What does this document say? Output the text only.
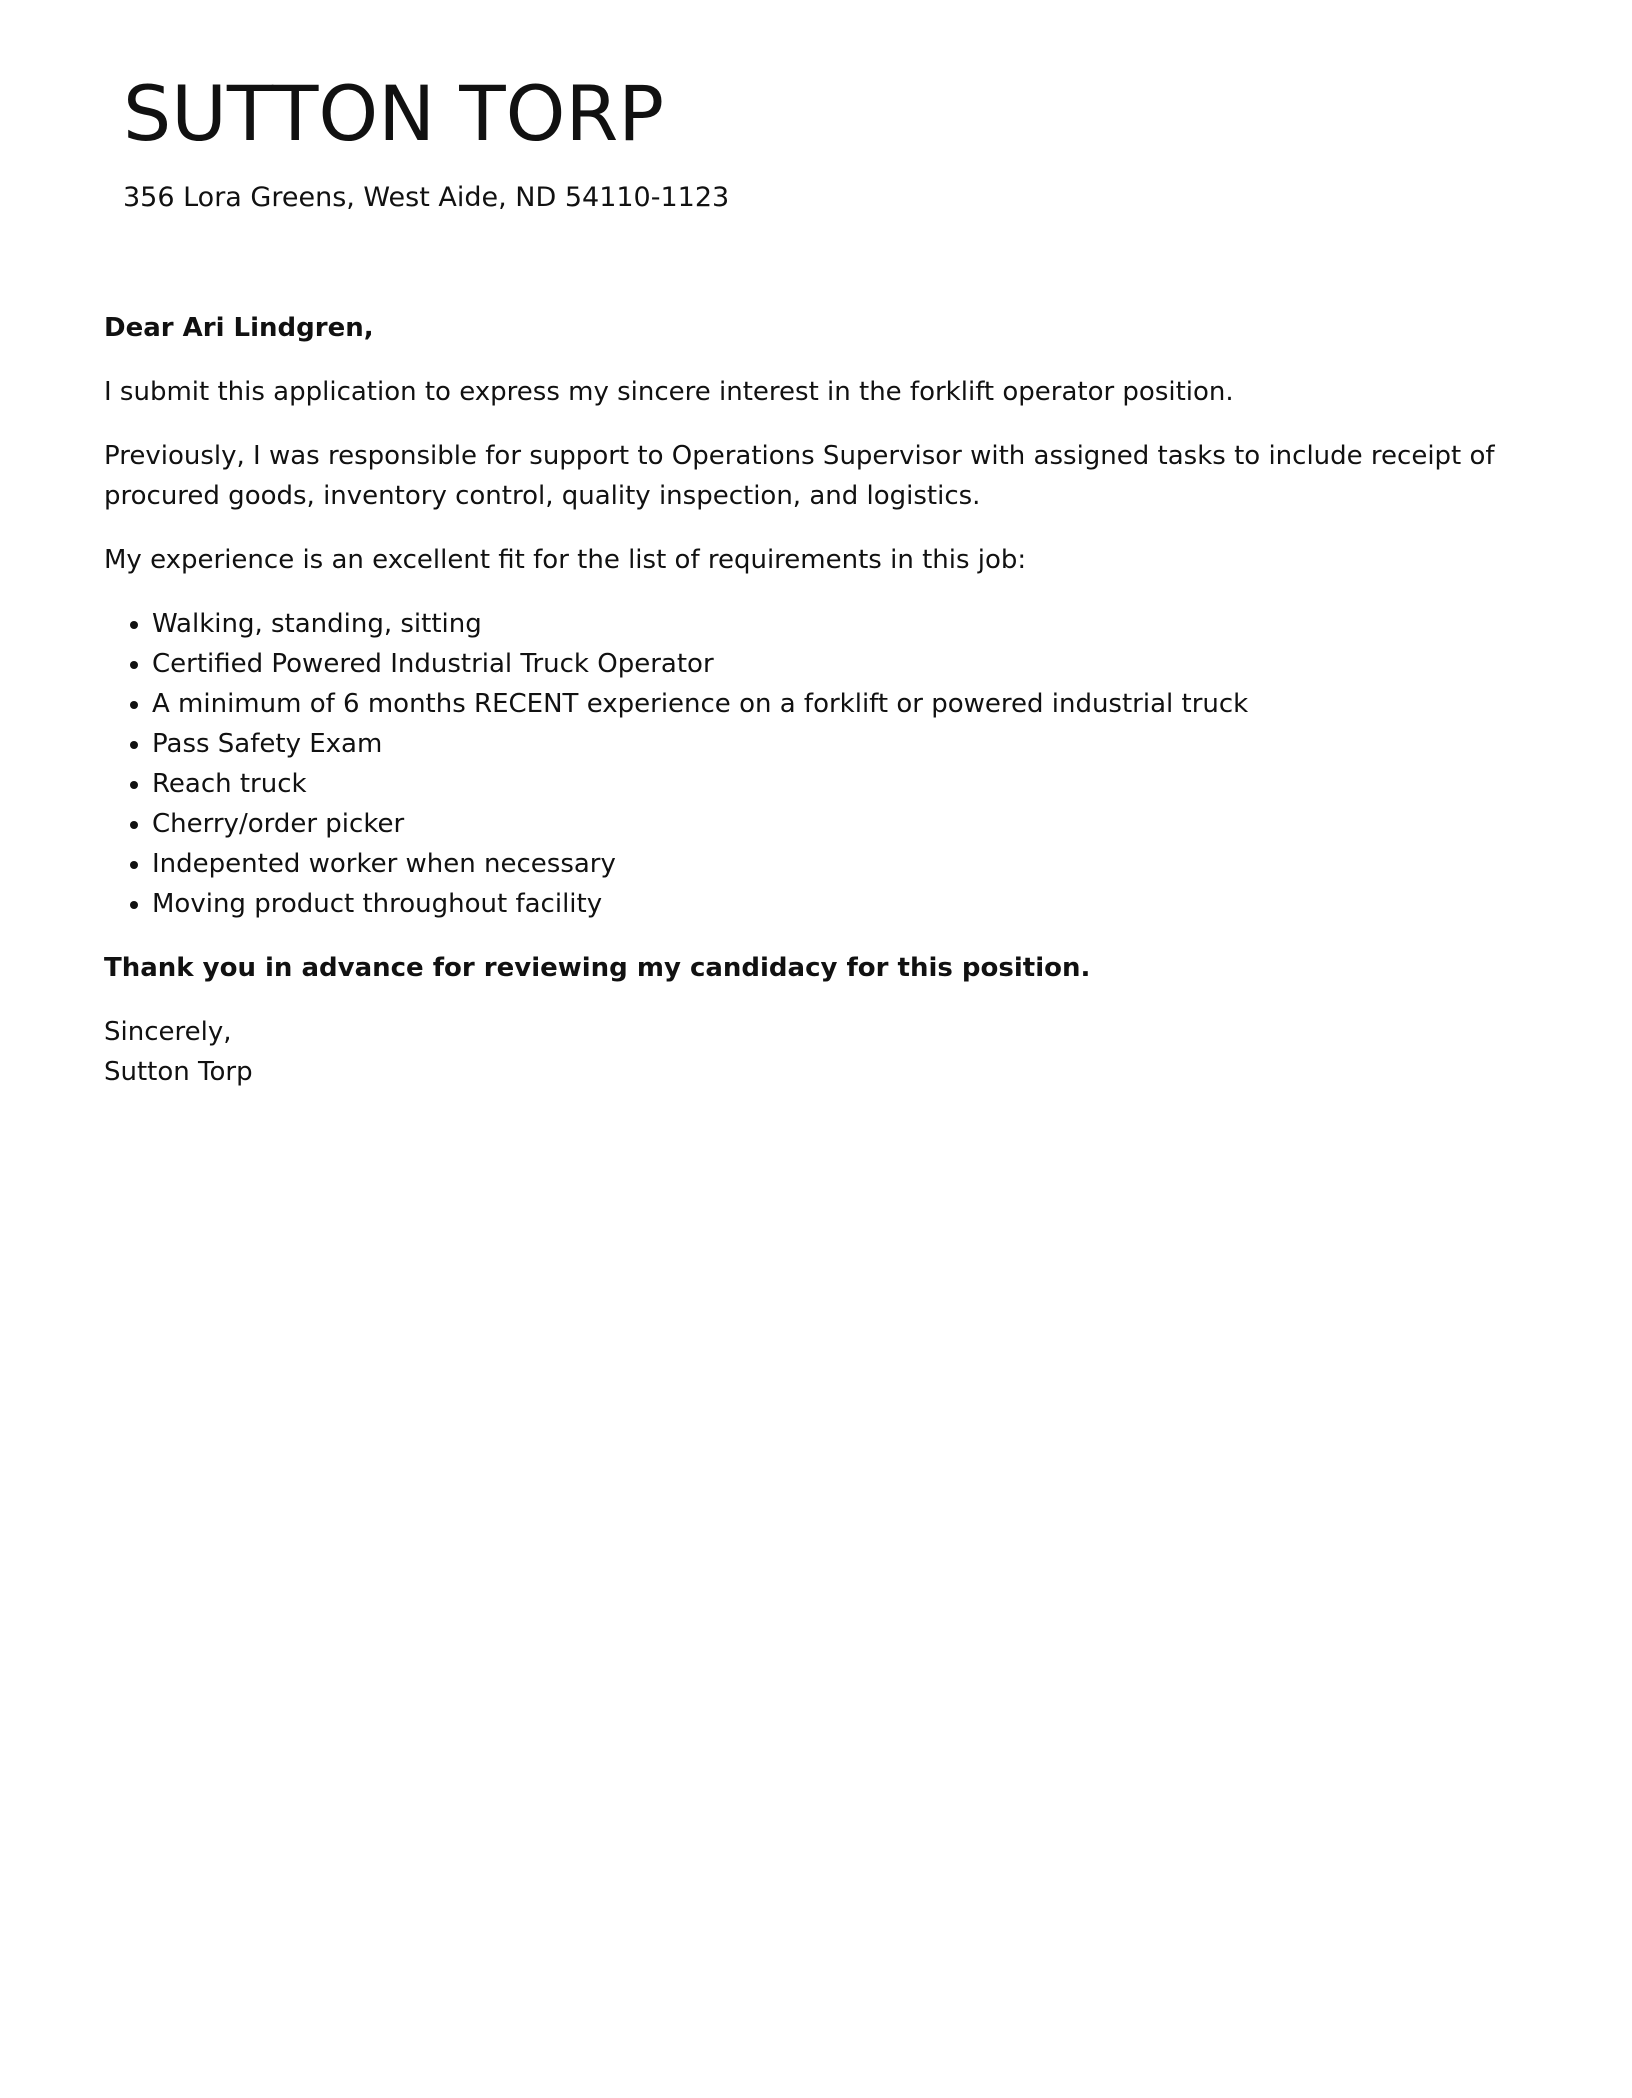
SUTTON TORP
356 Lora Greens, West Aide, ND 54110-1123

Dear Ari Lindgren,

I submit this application to express my sincere interest in the forklift operator position.

Previously, I was responsible for support to Operations Supervisor with assigned tasks to include receipt of procured goods, inventory control, quality inspection, and logistics.

My experience is an excellent fit for the list of requirements in this job:

• Walking, standing, sitting
• Certified Powered Industrial Truck Operator
• A minimum of 6 months RECENT experience on a forklift or powered industrial truck
• Pass Safety Exam
• Reach truck
• Cherry/order picker
• Indepented worker when necessary
• Moving product throughout facility

Thank you in advance for reviewing my candidacy for this position.

Sincerely,

Sutton Torp
